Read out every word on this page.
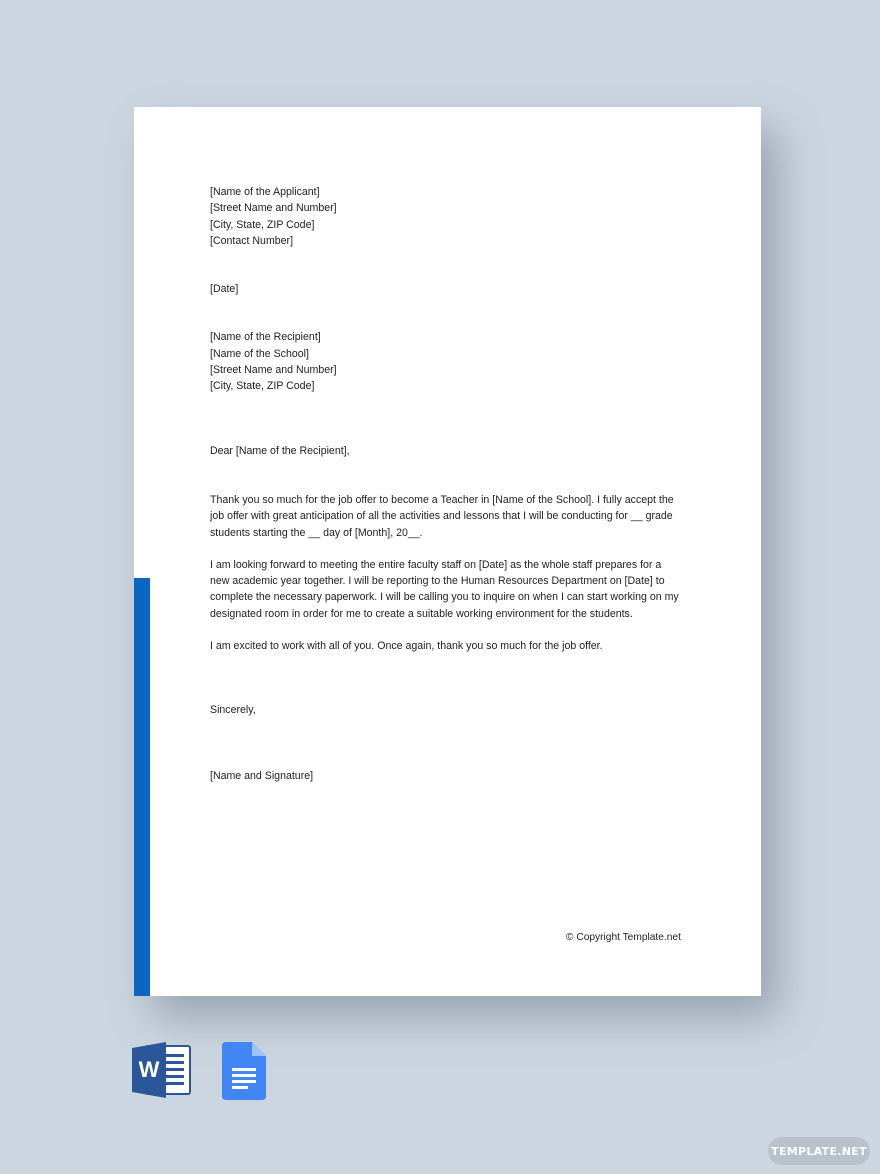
[Name of the Applicant]

[Street Name and Number]

[City, State, ZIP Code]

[Contact Number]

[Date]

[Name of the Recipient]

[Name of the School]

[Street Name and Number]

[City, State, ZIP Code]

Dear [Name of the Recipient],

Thank you so much for the job offer to become a Teacher in [Name of the School]. I fully accept the

job offer with great anticipation of all the activities and lessons that I will be conducting for __ grade

students starting the __ day of [Month], 20__.

I am looking forward to meeting the entire faculty staff on [Date] as the whole staff prepares for a

new academic year together. I will be reporting to the Human Resources Department on [Date] to

complete the necessary paperwork. I will be calling you to inquire on when I can start working on my

designated room in order for me to create a suitable working environment for the students.

I am excited to work with all of you. Once again, thank you so much for the job offer.

Sincerely,

[Name and Signature]

© Copyright Template.net
W
TEMPLATE.NET
